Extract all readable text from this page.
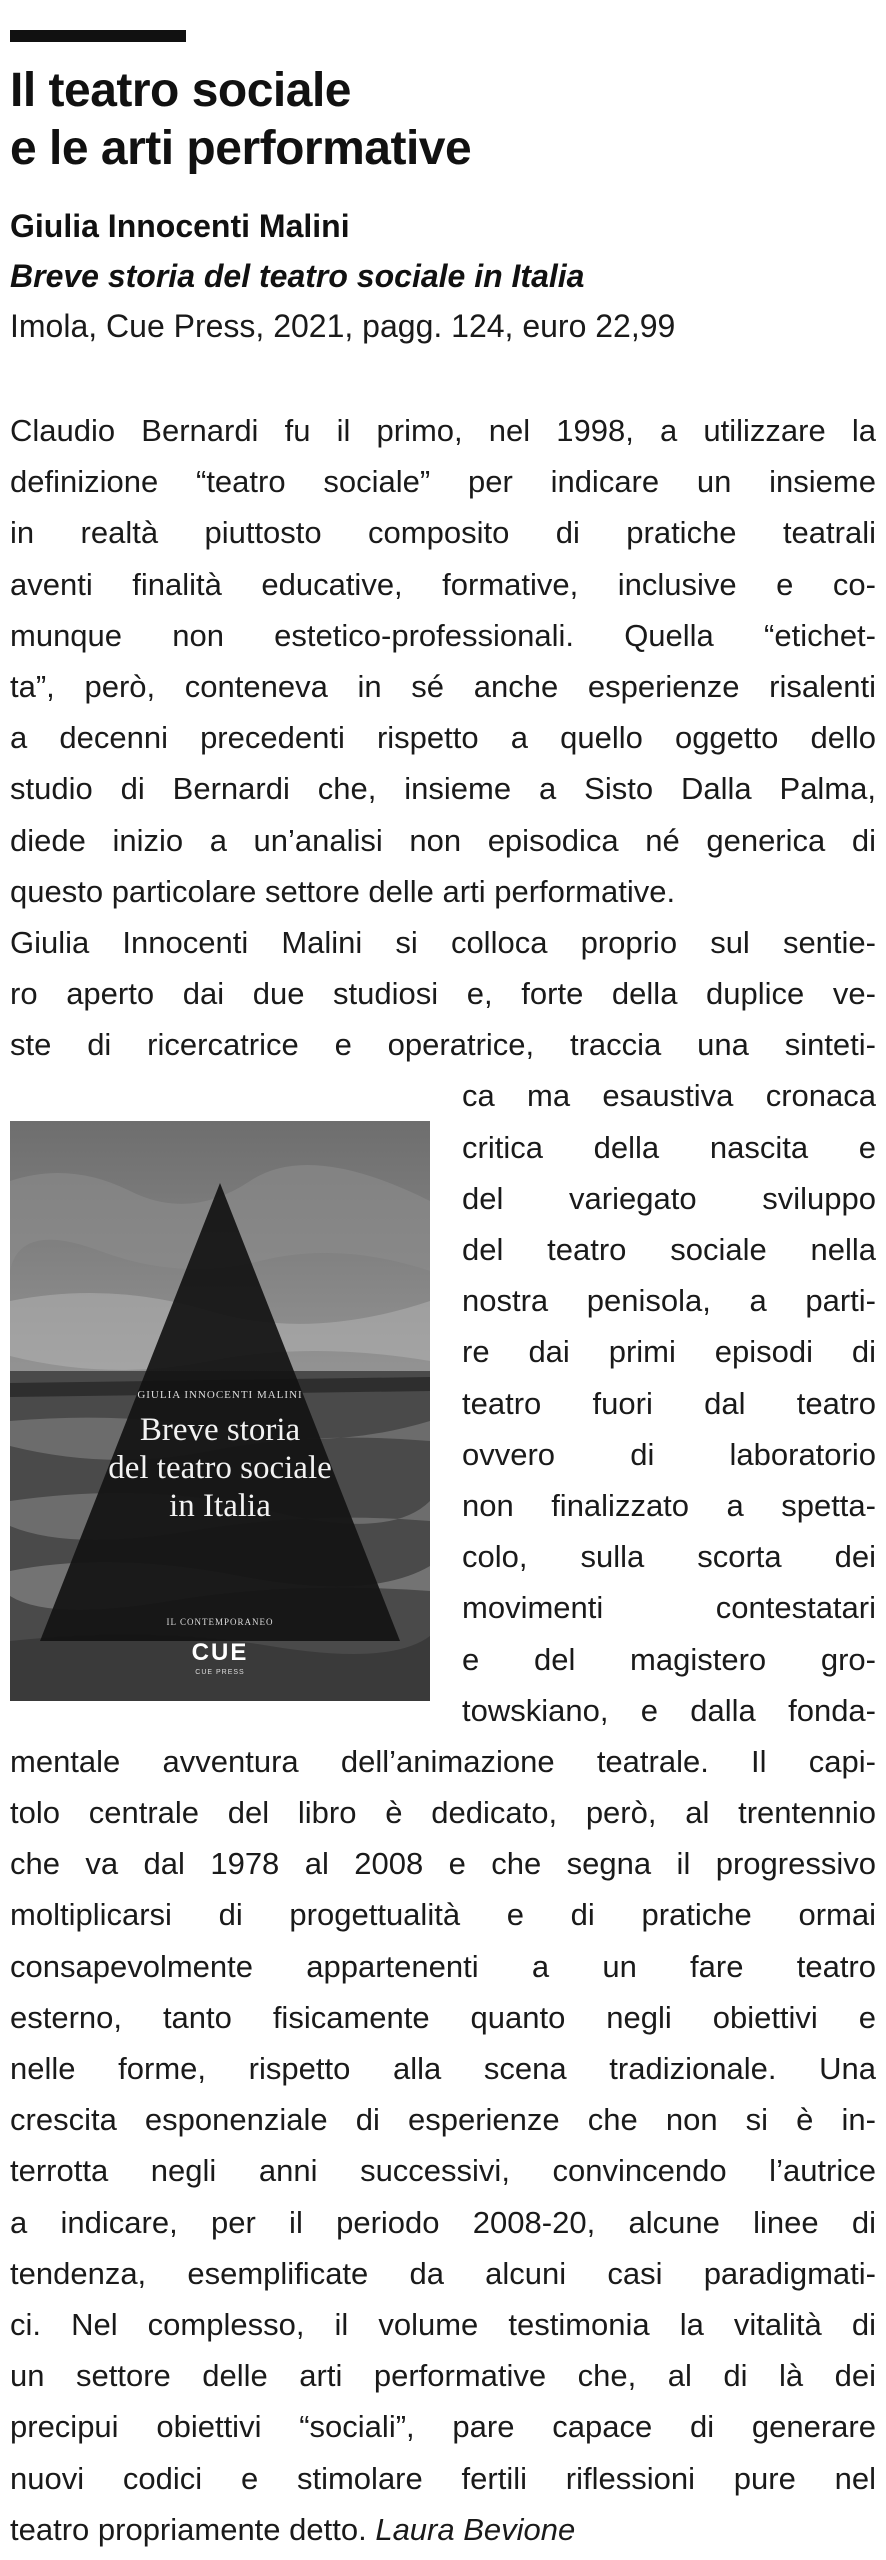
Il teatro sociale
e le arti performative
Giulia Innocenti Malini
Breve storia del teatro sociale in Italia
Imola, Cue Press, 2021, pagg. 124, euro 22,99
GIULIA INNOCENTI MALINI
Breve storia
del teatro sociale
in Italia
IL CONTEMPORANEO
CUE
CUE PRESS
Claudio Bernardi fu il primo, nel 1998, a utilizzare la
definizione “teatro sociale” per indicare un insieme
in realtà piuttosto composito di pratiche teatrali
aventi finalità educative, formative, inclusive e co-
munque non estetico-professionali. Quella “etichet-
ta”, però, conteneva in sé anche esperienze risalenti
a decenni precedenti rispetto a quello oggetto dello
studio di Bernardi che, insieme a Sisto Dalla Palma,
diede inizio a un’analisi non episodica né generica di
questo particolare settore delle arti performative.
Giulia Innocenti Malini si colloca proprio sul sentie-
ro aperto dai due studiosi e, forte della duplice ve-
ste di ricercatrice e operatrice, traccia una sinteti-
ca ma esaustiva cronaca
critica della nascita e
del variegato sviluppo
del teatro sociale nella
nostra penisola, a parti-
re dai primi episodi di
teatro fuori dal teatro
ovvero di laboratorio
non finalizzato a spetta-
colo, sulla scorta dei
movimenti contestatari
e del magistero gro-
towskiano, e dalla fonda-
mentale avventura dell’animazione teatrale. Il capi-
tolo centrale del libro è dedicato, però, al trentennio
che va dal 1978 al 2008 e che segna il progressivo
moltiplicarsi di progettualità e di pratiche ormai
consapevolmente appartenenti a un fare teatro
esterno, tanto fisicamente quanto negli obiettivi e
nelle forme, rispetto alla scena tradizionale. Una
crescita esponenziale di esperienze che non si è in-
terrotta negli anni successivi, convincendo l’autrice
a indicare, per il periodo 2008-20, alcune linee di
tendenza, esemplificate da alcuni casi paradigmati-
ci. Nel complesso, il volume testimonia la vitalità di
un settore delle arti performative che, al di là dei
precipui obiettivi “sociali”, pare capace di generare
nuovi codici e stimolare fertili riflessioni pure nel
teatro propriamente detto. Laura Bevione
